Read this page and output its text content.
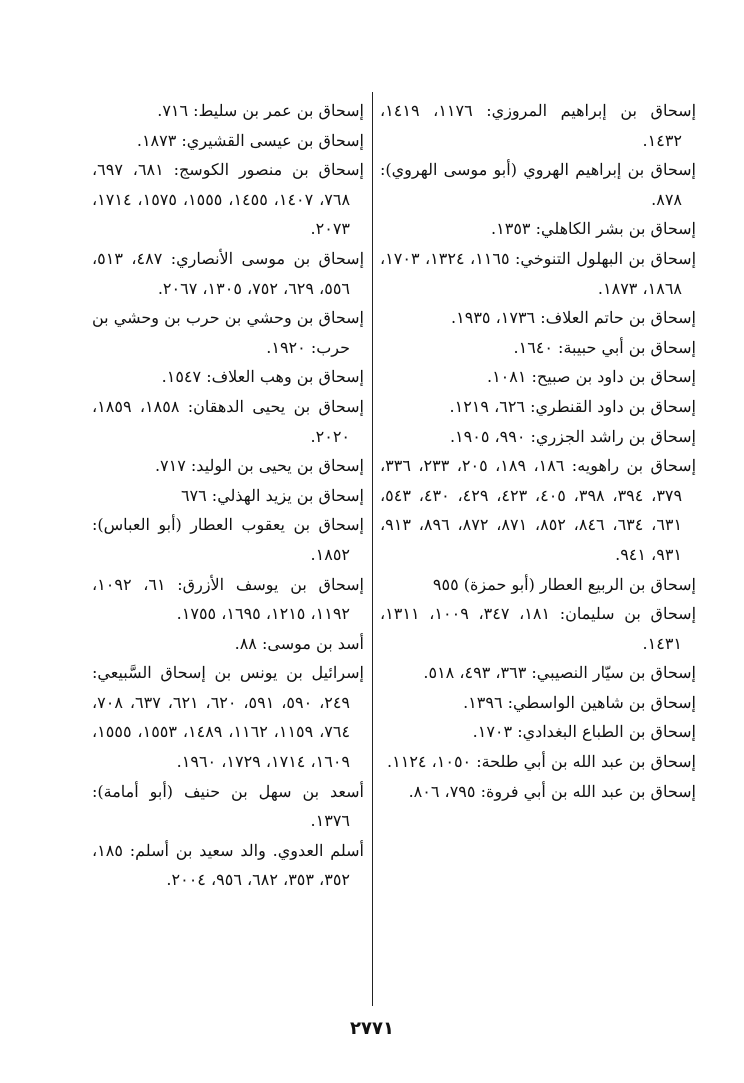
إسحاق بن إبراهيم المروزي: ١١٧٦، ١٤١٩، ١٤٣٢.

إسحاق بن إبراهيم الهروي (أبو موسى الهروي): ٨٧٨.

إسحاق بن بشر الكاهلي: ١٣٥٣.

إسحاق بن البهلول التنوخي: ١١٦٥، ١٣٢٤، ١٧٠٣، ١٨٦٨، ١٨٧٣.

إسحاق بن حاتم العلاف: ١٧٣٦، ١٩٣٥.

إسحاق بن أبي حبيبة: ١٦٤٠.

إسحاق بن داود بن صبيح: ١٠٨١.

إسحاق بن داود القنطري: ٦٢٦، ١٢١٩.

إسحاق بن راشد الجزري: ٩٩٠، ١٩٠٥.

إسحاق بن راهويه: ١٨٦، ١٨٩، ٢٠٥، ٢٣٣، ٣٣٦، ٣٧٩، ٣٩٤، ٣٩٨، ٤٠٥، ٤٢٣، ٤٢٩، ٤٣٠، ٥٤٣، ٦٣١، ٦٣٤، ٨٤٦، ٨٥٢، ٨٧١، ٨٧٢، ٨٩٦، ٩١٣، ٩٣١، ٩٤١.

إسحاق بن الربيع العطار (أبو حمزة) ٩٥٥

إسحاق بن سليمان: ١٨١، ٣٤٧، ١٠٠٩، ١٣١١، ١٤٣١.

إسحاق بن سيّار النصيبي: ٣٦٣، ٤٩٣، ٥١٨.

إسحاق بن شاهين الواسطي: ١٣٩٦.

إسحاق بن الطباع البغدادي: ١٧٠٣.

إسحاق بن عبد الله بن أبي طلحة: ١٠٥٠، ١١٢٤.

إسحاق بن عبد الله بن أبي فروة: ٧٩٥، ٨٠٦.

إسحاق بن عمر بن سليط: ٧١٦.

إسحاق بن عيسى القشيري: ١٨٧٣.

إسحاق بن منصور الكوسج: ٦٨١، ٦٩٧، ٧٦٨، ١٤٠٧، ١٤٥٥، ١٥٥٥، ١٥٧٥، ١٧١٤، ٢٠٧٣.

إسحاق بن موسى الأنصاري: ٤٨٧، ٥١٣، ٥٥٦، ٦٢٩، ٧٥٢، ١٣٠٥، ٢٠٦٧.

إسحاق بن وحشي بن حرب بن وحشي بن حرب: ١٩٢٠.

إسحاق بن وهب العلاف: ١٥٤٧.

إسحاق بن يحيى الدهقان: ١٨٥٨، ١٨٥٩، ٢٠٢٠.

إسحاق بن يحيى بن الوليد: ٧١٧.

إسحاق بن يزيد الهذلي: ٦٧٦

إسحاق بن يعقوب العطار (أبو العباس): ١٨٥٢.

إسحاق بن يوسف الأزرق: ٦١، ١٠٩٢، ١١٩٢، ١٢١٥، ١٦٩٥، ١٧٥٥.

أسد بن موسى: ٨٨.

إسرائيل بن يونس بن إسحاق السَّبيعي: ٢٤٩، ٥٩٠، ٥٩١، ٦٢٠، ٦٢١، ٦٣٧، ٧٠٨، ٧٦٤، ١١٥٩، ١١٦٢، ١٤٨٩، ١٥٥٣، ١٥٥٥، ١٦٠٩، ١٧١٤، ١٧٢٩، ١٩٦٠.

أسعد بن سهل بن حنيف (أبو أمامة): ١٣٧٦.

أسلم العدوي. والد سعيد بن أسلم: ١٨٥، ٣٥٢، ٣٥٣، ٦٨٢، ٩٥٦، ٢٠٠٤.

٢٧٧١
